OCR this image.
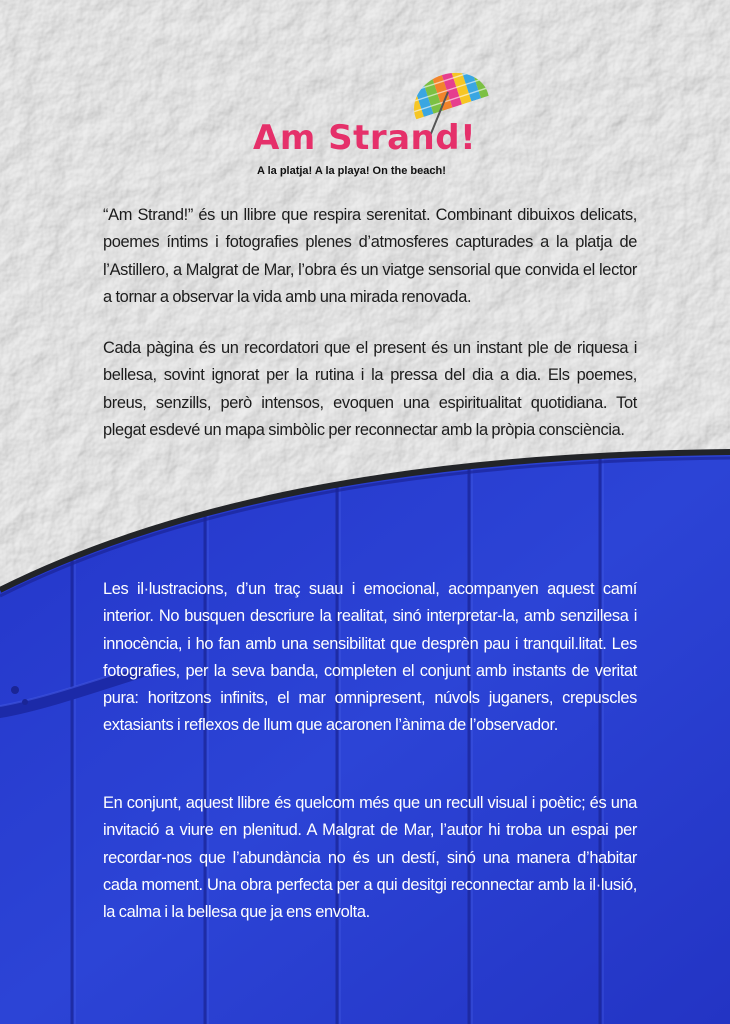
Am Strand!

A la platja! A la playa! On the beach!

“Am Strand!” és un llibre que respira serenitat. Combinant dibuixos delicats, poemes íntims i fotografies plenes d’atmosferes capturades a la platja de l’Astillero, a Malgrat de Mar, l’obra és un viatge sensorial que convida el lector a tornar a observar la vida amb una mirada renovada.

Cada pàgina és un recordatori que el present és un instant ple de riquesa i bellesa, sovint ignorat per la rutina i la pressa del dia a dia. Els poemes, breus, senzills, però intensos, evoquen una espiritualitat quotidiana. Tot plegat esdevé un mapa simbòlic per reconnectar amb la pròpia consciència.

Les il·lustracions, d’un traç suau i emocional, acompanyen aquest camí interior. No busquen descriure la realitat, sinó interpretar-la, amb senzillesa i innocència, i ho fan amb una sensibilitat que desprèn pau i tranquil.litat. Les fotografies, per la seva banda, completen el conjunt amb instants de veritat pura: horitzons infinits, el mar omnipresent, núvols juganers, crepuscles extasiants i reflexos de llum que acaronen l’ànima de l’observador.

En conjunt, aquest llibre és quelcom més que un recull visual i poètic; és una invitació a viure en plenitud. A Malgrat de Mar, l’autor hi troba un espai per recordar-nos que l’abundància no és un destí, sinó una manera d’habitar cada moment. Una obra perfecta per a qui desitgi reconnectar amb la il·lusió, la calma i la bellesa que ja ens envolta.
